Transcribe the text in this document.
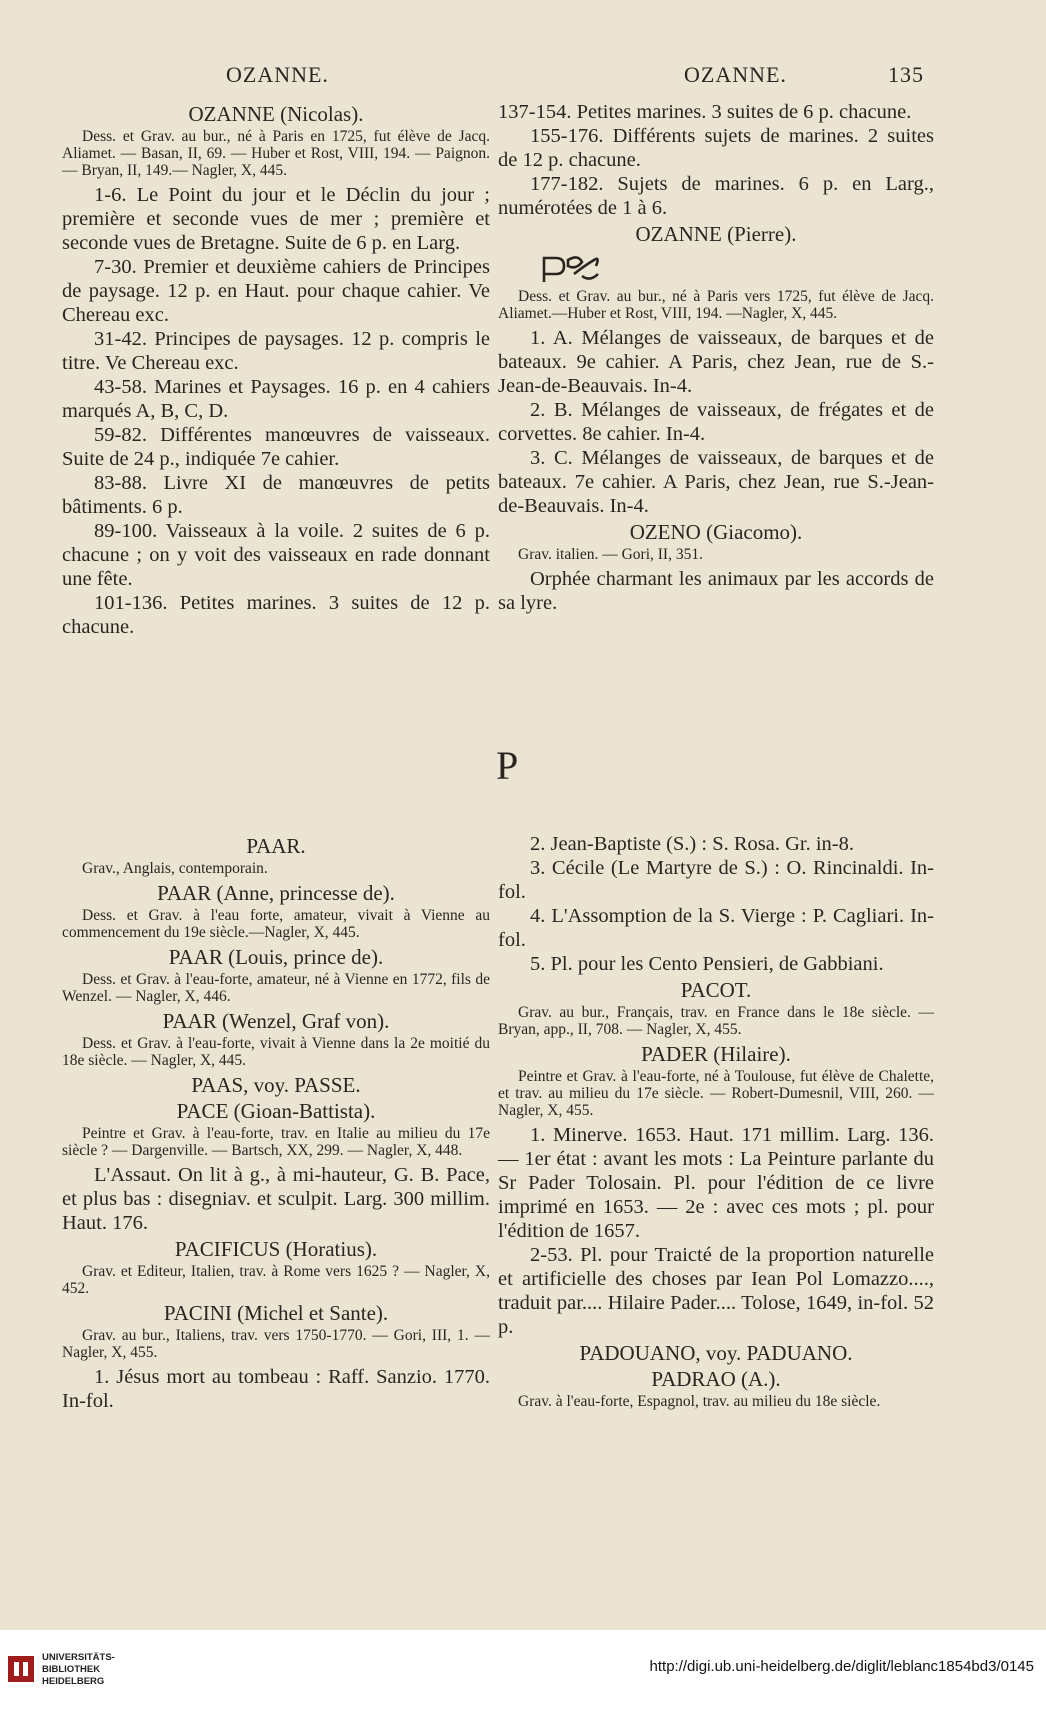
OZANNE.	OZANNE.	135

OZANNE (Nicolas).

Dess. et Grav. au bur., né à Paris en 1725, fut élève de Jacq. Aliamet. — Basan, II, 69. — Huber et Rost, VIII, 194. — Paignon. — Bryan, II, 149.— Nagler, X, 445.

1-6. Le Point du jour et le Déclin du jour ; première et seconde vues de mer ; première et seconde vues de Bretagne. Suite de 6 p. en Larg.

7-30. Premier et deuxième cahiers de Principes de paysage. 12 p. en Haut. pour chaque cahier. Ve Chereau exc.

31-42. Principes de paysages. 12 p. compris le titre. Ve Chereau exc.

43-58. Marines et Paysages. 16 p. en 4 cahiers marqués A, B, C, D.

59-82. Différentes manœuvres de vaisseaux. Suite de 24 p., indiquée 7e cahier.

83-88. Livre XI de manœuvres de petits bâtiments. 6 p.

89-100. Vaisseaux à la voile. 2 suites de 6 p. chacune ; on y voit des vaisseaux en rade donnant une fête.

101-136. Petites marines. 3 suites de 12 p. chacune.

137-154. Petites marines. 3 suites de 6 p. chacune.

155-176. Différents sujets de marines. 2 suites de 12 p. chacune.

177-182. Sujets de marines. 6 p. en Larg., numérotées de 1 à 6.

OZANNE (Pierre).

Dess. et Grav. au bur., né à Paris vers 1725, fut élève de Jacq. Aliamet.—Huber et Rost, VIII, 194. —Nagler, X, 445.

1. A. Mélanges de vaisseaux, de barques et de bateaux. 9e cahier. A Paris, chez Jean, rue de S.-Jean-de-Beauvais. In-4.

2. B. Mélanges de vaisseaux, de frégates et de corvettes. 8e cahier. In-4.

3. C. Mélanges de vaisseaux, de barques et de bateaux. 7e cahier. A Paris, chez Jean, rue S.-Jean-de-Beauvais. In-4.

OZENO (Giacomo).

Grav. italien. — Gori, II, 351.

Orphée charmant les animaux par les accords de sa lyre.

P

PAAR.

Grav., Anglais, contemporain.

PAAR (Anne, princesse de).

Dess. et Grav. à l'eau forte, amateur, vivait à Vienne au commencement du 19e siècle.—Nagler, X, 445.

PAAR (Louis, prince de).

Dess. et Grav. à l'eau-forte, amateur, né à Vienne en 1772, fils de Wenzel. — Nagler, X, 446.

PAAR (Wenzel, Graf von).

Dess. et Grav. à l'eau-forte, vivait à Vienne dans la 2e moitié du 18e siècle. — Nagler, X, 445.

PAAS, voy. PASSE.

PACE (Gioan-Battista).

Peintre et Grav. à l'eau-forte, trav. en Italie au milieu du 17e siècle ? — Dargenville. — Bartsch, XX, 299. — Nagler, X, 448.

L'Assaut. On lit à g., à mi-hauteur, G. B. Pace, et plus bas : disegniav. et sculpit. Larg. 300 millim. Haut. 176.

PACIFICUS (Horatius).

Grav. et Editeur, Italien, trav. à Rome vers 1625 ? — Nagler, X, 452.

PACINI (Michel et Sante).

Grav. au bur., Italiens, trav. vers 1750-1770. — Gori, III, 1. — Nagler, X, 455.

1. Jésus mort au tombeau : Raff. Sanzio. 1770. In-fol.

2. Jean-Baptiste (S.) : S. Rosa. Gr. in-8.

3. Cécile (Le Martyre de S.) : O. Rincinaldi. In-fol.

4. L'Assomption de la S. Vierge : P. Cagliari. In-fol.

5. Pl. pour les Cento Pensieri, de Gabbiani.

PACOT.

Grav. au bur., Français, trav. en France dans le 18e siècle. — Bryan, app., II, 708. — Nagler, X, 455.

PADER (Hilaire).

Peintre et Grav. à l'eau-forte, né à Toulouse, fut élève de Chalette, et trav. au milieu du 17e siècle. — Robert-Dumesnil, VIII, 260. — Nagler, X, 455.

1. Minerve. 1653. Haut. 171 millim. Larg. 136. — 1er état : avant les mots : La Peinture parlante du Sr Pader Tolosain. Pl. pour l'édition de ce livre imprimé en 1653. — 2e : avec ces mots ; pl. pour l'édition de 1657.

2-53. Pl. pour Traicté de la proportion naturelle et artificielle des choses par Iean Pol Lomazzo...., traduit par.... Hilaire Pader.... Tolose, 1649, in-fol. 52 p.

PADOUANO, voy. PADUANO.

PADRAO (A.).

Grav. à l'eau-forte, Espagnol, trav. au milieu du 18e siècle.

UNIVERSITÄTS-
BIBLIOTHEK
HEIDELBERG
http://digi.ub.uni-heidelberg.de/diglit/leblanc1854bd3/0145
